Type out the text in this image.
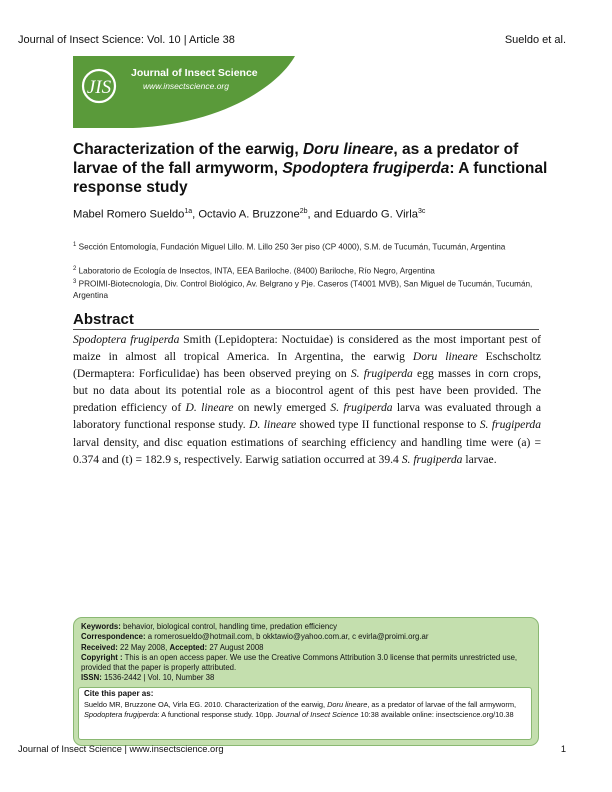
Journal of Insect Science: Vol. 10 | Article 38	Sueldo et al.
JIS
Journal of Insect Science
www.insectscience.org
Characterization of the earwig, Doru lineare, as a predator of larvae of the fall armyworm, Spodoptera frugiperda: A functional response study
Mabel Romero Sueldo$^{1a}$, Octavio A. Bruzzone$^{2b}$, and Eduardo G. Virla$^{3c}$
$^1$ Sección Entomología, Fundación Miguel Lillo. M. Lillo 250 3er piso (CP 4000), S.M. de Tucumán, Tucumán, Argentina
$^2$ Laboratorio de Ecología de Insectos, INTA, EEA Bariloche. (8400) Bariloche, Río Negro, Argentina
$^3$ PROIMI-Biotecnología, Div. Control Biológico, Av. Belgrano y Pje. Caseros (T4001 MVB), San Miguel de Tucumán, Tucumán, Argentina
Abstract
Spodoptera frugiperda Smith (Lepidoptera: Noctuidae) is considered as the most important pest of maize in almost all tropical America. In Argentina, the earwig Doru lineare Eschscholtz (Dermaptera: Forficulidae) has been observed preying on S. frugiperda egg masses in corn crops, but no data about its potential role as a biocontrol agent of this pest have been provided. The predation efficiency of D. lineare on newly emerged S. frugiperda larva was evaluated through a laboratory functional response study. D. lineare showed type II functional response to S. frugiperda larval density, and disc equation estimations of searching efficiency and handling time were (a) = 0.374 and (t) = 182.9 s, respectively. Earwig satiation occurred at 39.4 S. frugiperda larvae.
Keywords: behavior, biological control, handling time, predation efficiency
Correspondence: a romerosueldo@hotmail.com, b okktawio@yahoo.com.ar, c evirla@proimi.org.ar
Received: 22 May 2008, Accepted: 27 August 2008
Copyright : This is an open access paper. We use the Creative Commons Attribution 3.0 license that permits unrestricted use, provided that the paper is properly attributed.
ISSN: 1536-2442 | Vol. 10, Number 38
Cite this paper as:
Sueldo MR, Bruzzone OA, Virla EG. 2010. Characterization of the earwig, Doru lineare, as a predator of larvae of the fall armyworm, Spodoptera frugiperda: A functional response study. 10pp. Journal of Insect Science 10:38 available online: insectscience.org/10.38
Journal of Insect Science | www.insectscience.org	1
